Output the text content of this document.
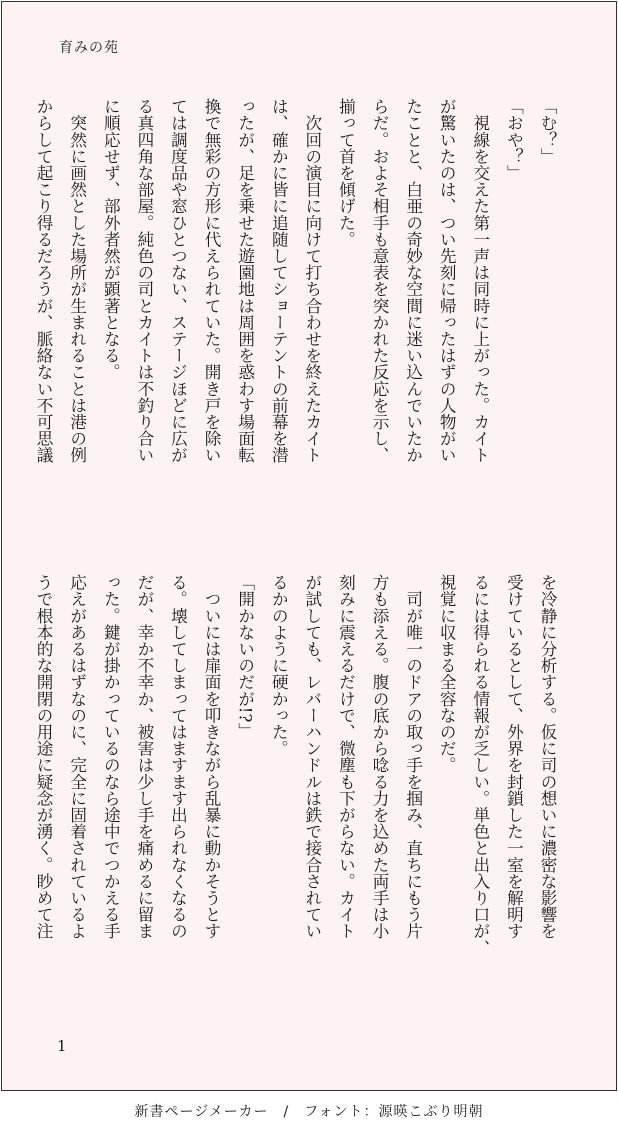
育みの苑
「む？」
「おや？」
　視線を交えた第一声は同時に上がった。カイト
が驚いたのは、つい先刻に帰ったはずの人物がい
たことと、白亜の奇妙な空間に迷い込んでいたか
らだ。およそ相手も意表を突かれた反応を示し、
揃って首を傾げた。
　次回の演目に向けて打ち合わせを終えたカイト
は、確かに皆に追随してショーテントの前幕を潜
ったが、足を乗せた遊園地は周囲を惑わす場面転
換で無彩の方形に代えられていた。開き戸を除い
ては調度品や窓ひとつない、ステージほどに広が
る真四角な部屋。純色の司とカイトは不釣り合い
に順応せず、部外者然が顕著となる。
　突然に画然とした場所が生まれることは港の例
からして起こり得るだろうが、脈絡ない不可思議
を冷静に分析する。仮に司の想いに濃密な影響を
受けているとして、外界を封鎖した一室を解明す
るには得られる情報が乏しい。単色と出入り口が、
視覚に収まる全容なのだ。
　司が唯一のドアの取っ手を掴み、直ちにもう片
方も添える。腹の底から唸る力を込めた両手は小
刻みに震えるだけで、微塵も下がらない。カイト
が試しても、レバーハンドルは鉄で接合されてい
るかのように硬かった。
「開かないのだが!?」
　ついには扉面を叩きながら乱暴に動かそうとす
る。壊してしまってはますます出られなくなるの
だが、幸か不幸か、被害は少し手を痛めるに留ま
った。鍵が掛かっているのなら途中でつかえる手
応えがあるはずなのに、完全に固着されているよ
うで根本的な開閉の用途に疑念が湧く。眇めて注
1
新書ページメーカー　/　フォント：源暎こぶり明朝
